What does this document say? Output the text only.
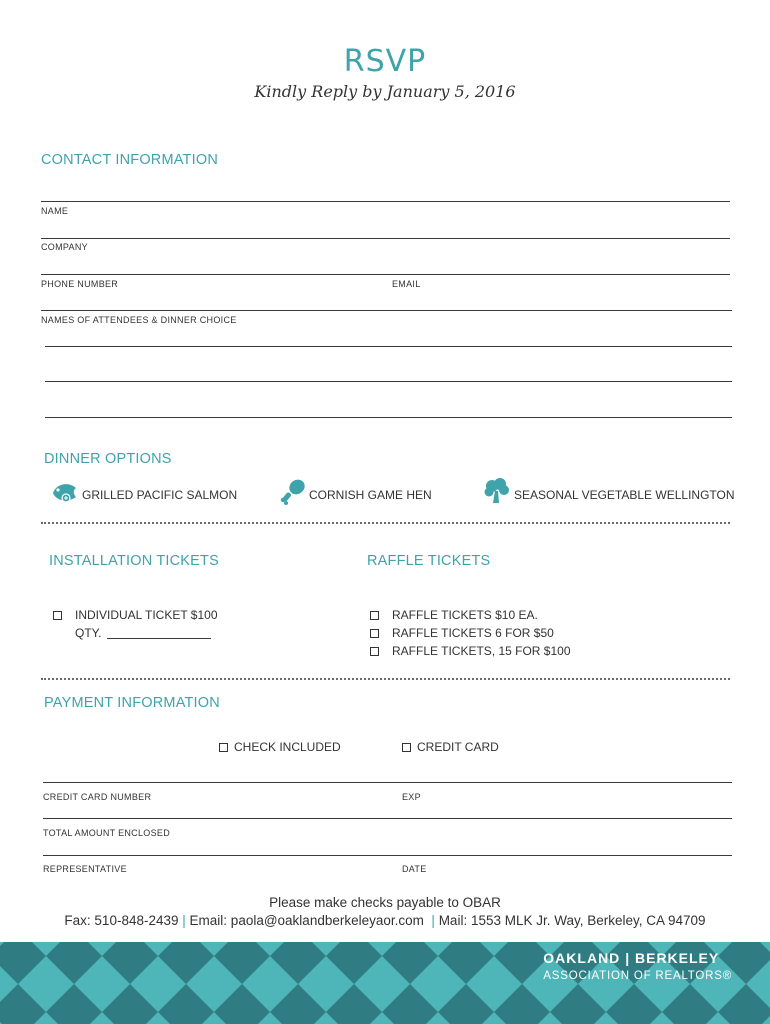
RSVP
Kindly Reply by January 5, 2016
CONTACT INFORMATION
NAME
COMPANY
PHONE NUMBER	EMAIL
NAMES OF ATTENDEES & DINNER CHOICE
DINNER OPTIONS
GRILLED PACIFIC SALMON	CORNISH GAME HEN	SEASONAL VEGETABLE WELLINGTON
INSTALLATION TICKETS	RAFFLE TICKETS
INDIVIDUAL TICKET $100
QTY.
RAFFLE TICKETS $10 EA.
RAFFLE TICKETS 6 FOR $50
RAFFLE TICKETS, 15 FOR $100
PAYMENT INFORMATION
CHECK INCLUDED	CREDIT CARD
CREDIT CARD NUMBER	EXP
TOTAL AMOUNT ENCLOSED
REPRESENTATIVE	DATE
Please make checks payable to OBAR
Fax: 510-848-2439 | Email: paola@oaklandberkeleyaor.com | Mail: 1553 MLK Jr. Way, Berkeley, CA 94709
OAKLAND | BERKELEY
ASSOCIATION OF REALTORS®
